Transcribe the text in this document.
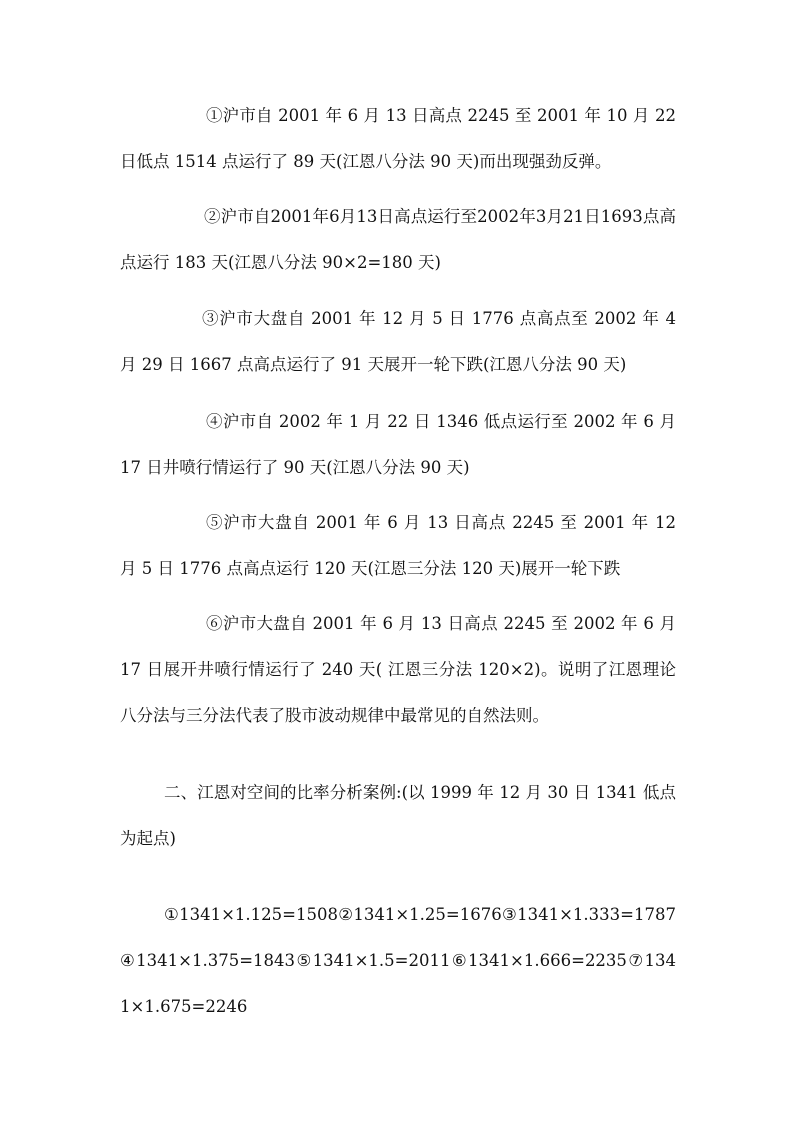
①沪市自 2001 年 6 月 13 日高点 2245 至 2001 年 10 月 22 日低点 1514 点运行了 89 天(江恩八分法 90 天)而出现强劲反弹。

②沪市自2001年6月13日高点运行至2002年3月21日1693点高点运行 183 天(江恩八分法 90×2=180 天)

③沪市大盘自 2001 年 12 月 5 日 1776 点高点至 2002 年 4 月 29 日 1667 点高点运行了 91 天展开一轮下跌(江恩八分法 90 天)

④沪市自 2002 年 1 月 22 日 1346 低点运行至 2002 年 6 月 17 日井喷行情运行了 90 天(江恩八分法 90 天)

⑤沪市大盘自 2001 年 6 月 13 日高点 2245 至 2001 年 12 月 5 日 1776 点高点运行 120 天(江恩三分法 120 天)展开一轮下跌

⑥沪市大盘自 2001 年 6 月 13 日高点 2245 至 2002 年 6 月 17 日展开井喷行情运行了 240 天( 江恩三分法 120×2)。说明了江恩理论八分法与三分法代表了股市波动规律中最常见的自然法则。

二、江恩对空间的比率分析案例:(以 1999 年 12 月 30 日 1341 低点为起点)

①1341×1.125=1508②1341×1.25=1676③1341×1.333=1787④1341×1.375=1843⑤1341×1.5=2011⑥1341×1.666=2235⑦1341×1.675=2246
